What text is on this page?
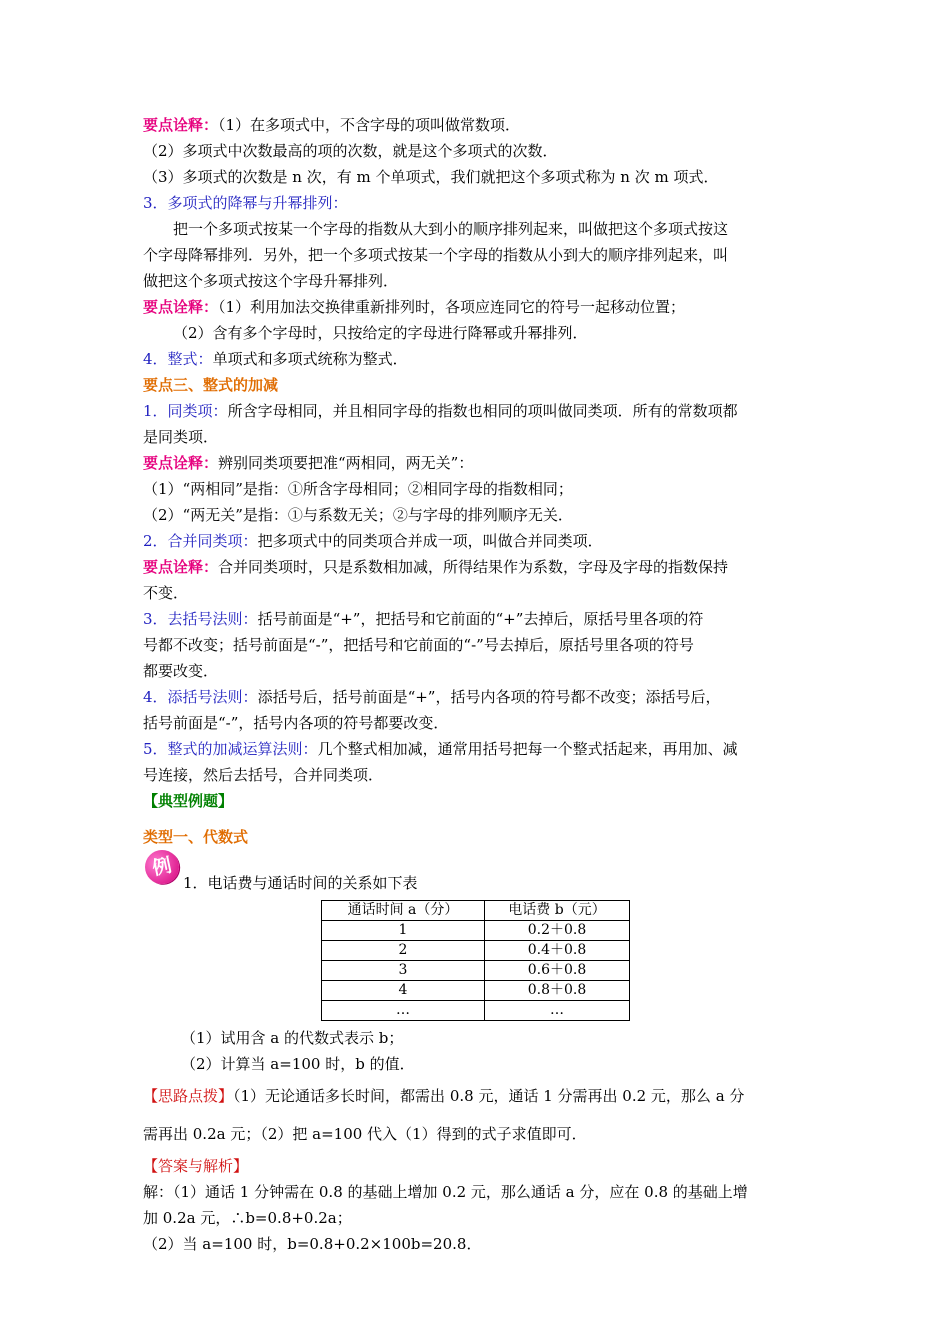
要点诠释：（1）在多项式中，不含字母的项叫做常数项．
（2）多项式中次数最高的项的次数，就是这个多项式的次数．
（3）多项式的次数是 n 次，有 m 个单项式，我们就把这个多项式称为 n 次 m 项式．
3．多项式的降幂与升幂排列：
把一个多项式按某一个字母的指数从大到小的顺序排列起来，叫做把这个多项式按这
个字母降幂排列．另外，把一个多项式按某一个字母的指数从小到大的顺序排列起来，叫
做把这个多项式按这个字母升幂排列．
要点诠释：（1）利用加法交换律重新排列时，各项应连同它的符号一起移动位置；
（2）含有多个字母时，只按给定的字母进行降幂或升幂排列．
4．整式：单项式和多项式统称为整式．
要点三、整式的加减
1．同类项：所含字母相同，并且相同字母的指数也相同的项叫做同类项．所有的常数项都
是同类项．
要点诠释：辨别同类项要把准“两相同，两无关”：
（1）“两相同”是指：①所含字母相同；②相同字母的指数相同；
（2）“两无关”是指：①与系数无关；②与字母的排列顺序无关．
2．合并同类项：把多项式中的同类项合并成一项，叫做合并同类项．
要点诠释：合并同类项时，只是系数相加减，所得结果作为系数，字母及字母的指数保持
不变．
3．去括号法则：括号前面是“+”，把括号和它前面的“+”去掉后，原括号里各项的符
号都不改变；括号前面是“-”，把括号和它前面的“-”号去掉后，原括号里各项的符号
都要改变．
4．添括号法则：添括号后，括号前面是“+”，括号内各项的符号都不改变；添括号后，
括号前面是“-”，括号内各项的符号都要改变．
5．整式的加减运算法则：几个整式相加减，通常用括号把每一个整式括起来，再用加、减
号连接，然后去括号，合并同类项．
【典型例题】
类型一、代数式
例
1．电话费与通话时间的关系如下表
通话时间 a（分）	电话费 b（元）
1	0.2＋0.8
2	0.4＋0.8
3	0.6＋0.8
4	0.8＋0.8
…	…
（1）试用含 a 的代数式表示 b；
（2）计算当 a=100 时，b 的值．
【思路点拨】（1）无论通话多长时间，都需出 0.8 元，通话 1 分需再出 0.2 元，那么 a 分
需再出 0.2a 元；（2）把 a=100 代入（1）得到的式子求值即可．
【答案与解析】
解：（1）通话 1 分钟需在 0.8 的基础上增加 0.2 元，那么通话 a 分，应在 0.8 的基础上增
加 0.2a 元，∴b=0.8+0.2a；
（2）当 a=100 时，b=0.8+0.2×100b=20.8．
